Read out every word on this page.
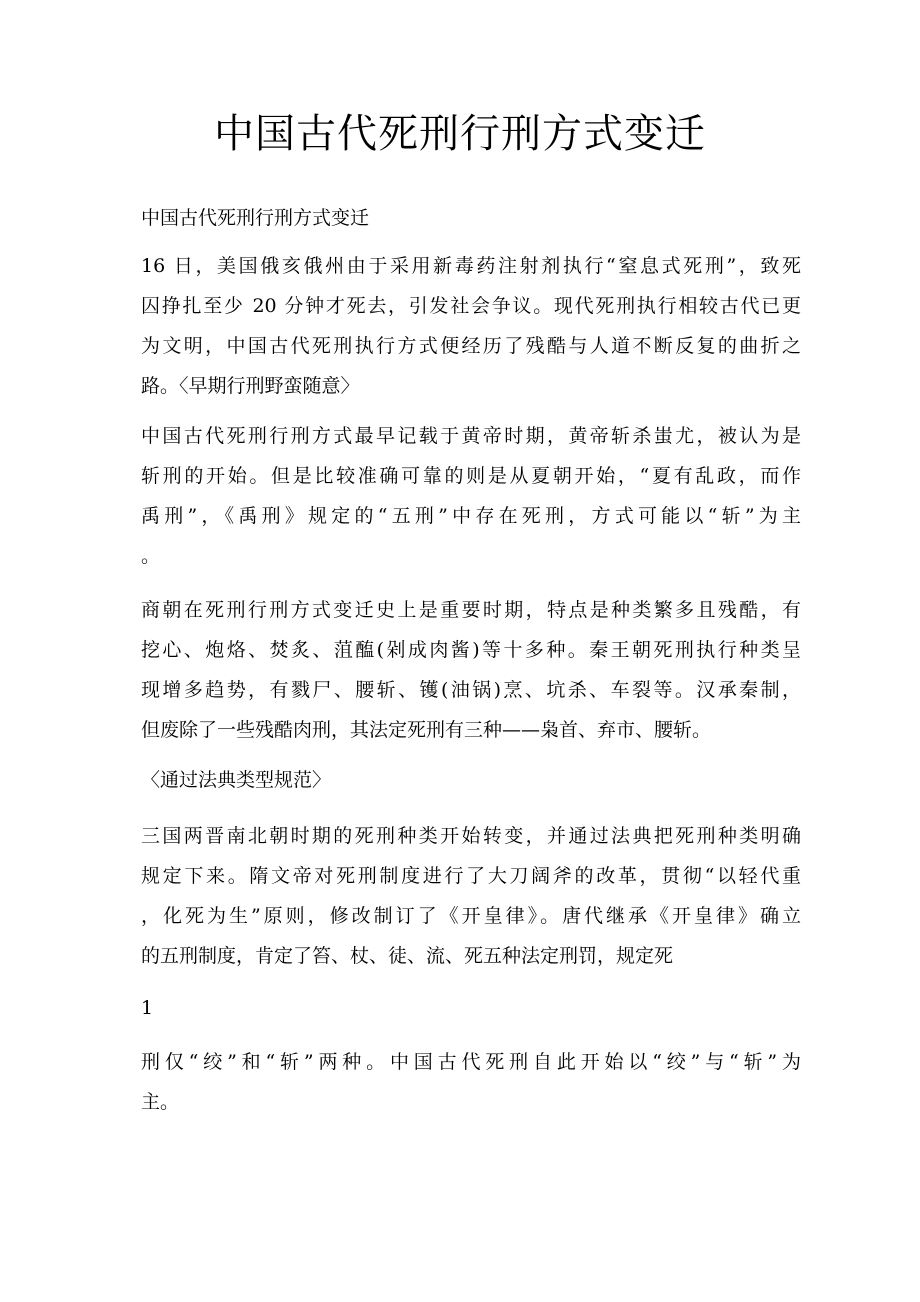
中国古代死刑行刑方式变迁
中国古代死刑行刑方式变迁
16 日，美国俄亥俄州由于采用新毒药注射剂执行“窒息式死刑”，致死
囚挣扎至少 20 分钟才死去，引发社会争议。现代死刑执行相较古代已更
为文明，中国古代死刑执行方式便经历了残酷与人道不断反复的曲折之
路。〈早期行刑野蛮随意〉
中国古代死刑行刑方式最早记载于黄帝时期，黄帝斩杀蚩尤，被认为是
斩刑的开始。但是比较准确可靠的则是从夏朝开始，“夏有乱政，而作
禹刑”，《禹刑》规定的“五刑”中存在死刑，方式可能以“斩”为主
。
商朝在死刑行刑方式变迁史上是重要时期，特点是种类繁多且残酷，有
挖心、炮烙、焚炙、菹醢(剁成肉酱)等十多种。秦王朝死刑执行种类呈
现增多趋势，有戮尸、腰斩、镬(油锅)烹、坑杀、车裂等。汉承秦制，
但废除了一些残酷肉刑，其法定死刑有三种——枭首、弃市、腰斩。
〈通过法典类型规范〉
三国两晋南北朝时期的死刑种类开始转变，并通过法典把死刑种类明确
规定下来。隋文帝对死刑制度进行了大刀阔斧的改革，贯彻“以轻代重
，化死为生”原则，修改制订了《开皇律》。唐代继承《开皇律》确立
的五刑制度，肯定了笞、杖、徒、流、死五种法定刑罚，规定死
1
刑仅“绞”和“斩”两种。中国古代死刑自此开始以“绞”与“斩”为
主。
